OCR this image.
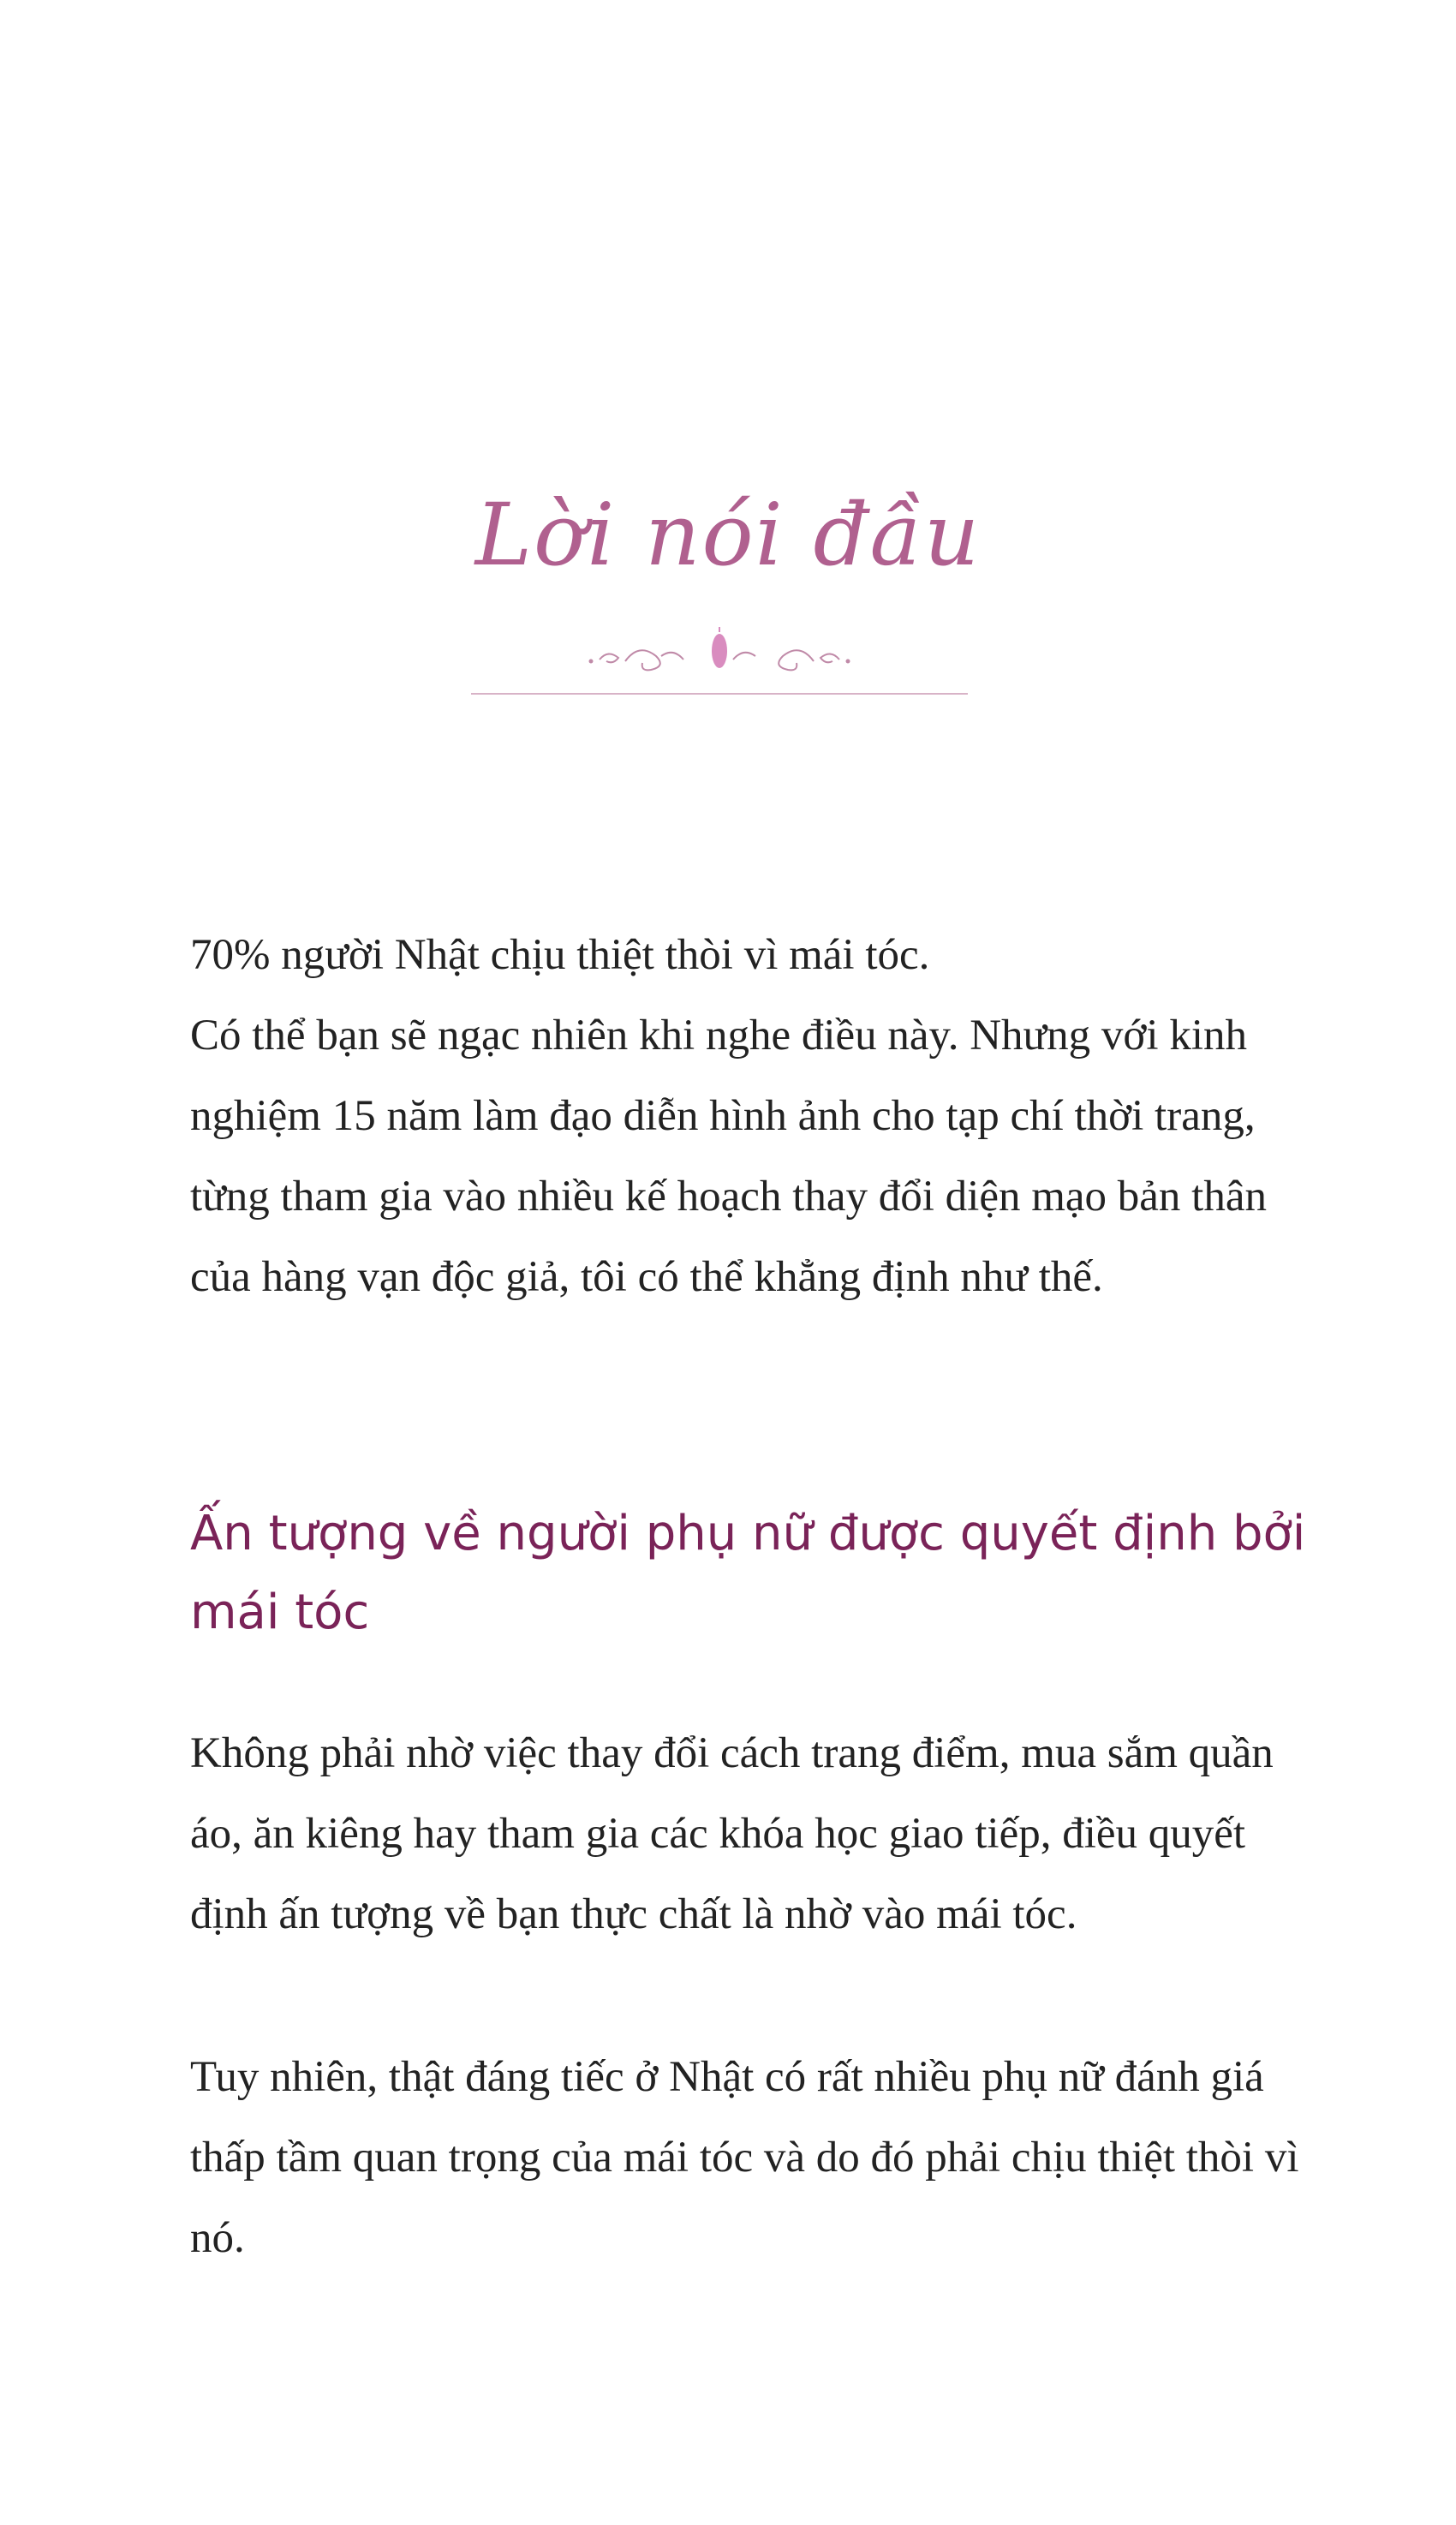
Lời nói đầu

70% người Nhật chịu thiệt thòi vì mái tóc.

Có thể bạn sẽ ngạc nhiên khi nghe điều này. Nhưng với kinh nghiệm 15 năm làm đạo diễn hình ảnh cho tạp chí thời trang, từng tham gia vào nhiều kế hoạch thay đổi diện mạo bản thân của hàng vạn độc giả, tôi có thể khẳng định như thế.

Ấn tượng về người phụ nữ được quyết định bởi mái tóc

Không phải nhờ việc thay đổi cách trang điểm, mua sắm quần áo, ăn kiêng hay tham gia các khóa học giao tiếp, điều quyết định ấn tượng về bạn thực chất là nhờ vào mái tóc.

Tuy nhiên, thật đáng tiếc ở Nhật có rất nhiều phụ nữ đánh giá thấp tầm quan trọng của mái tóc và do đó phải chịu thiệt thòi vì nó.
